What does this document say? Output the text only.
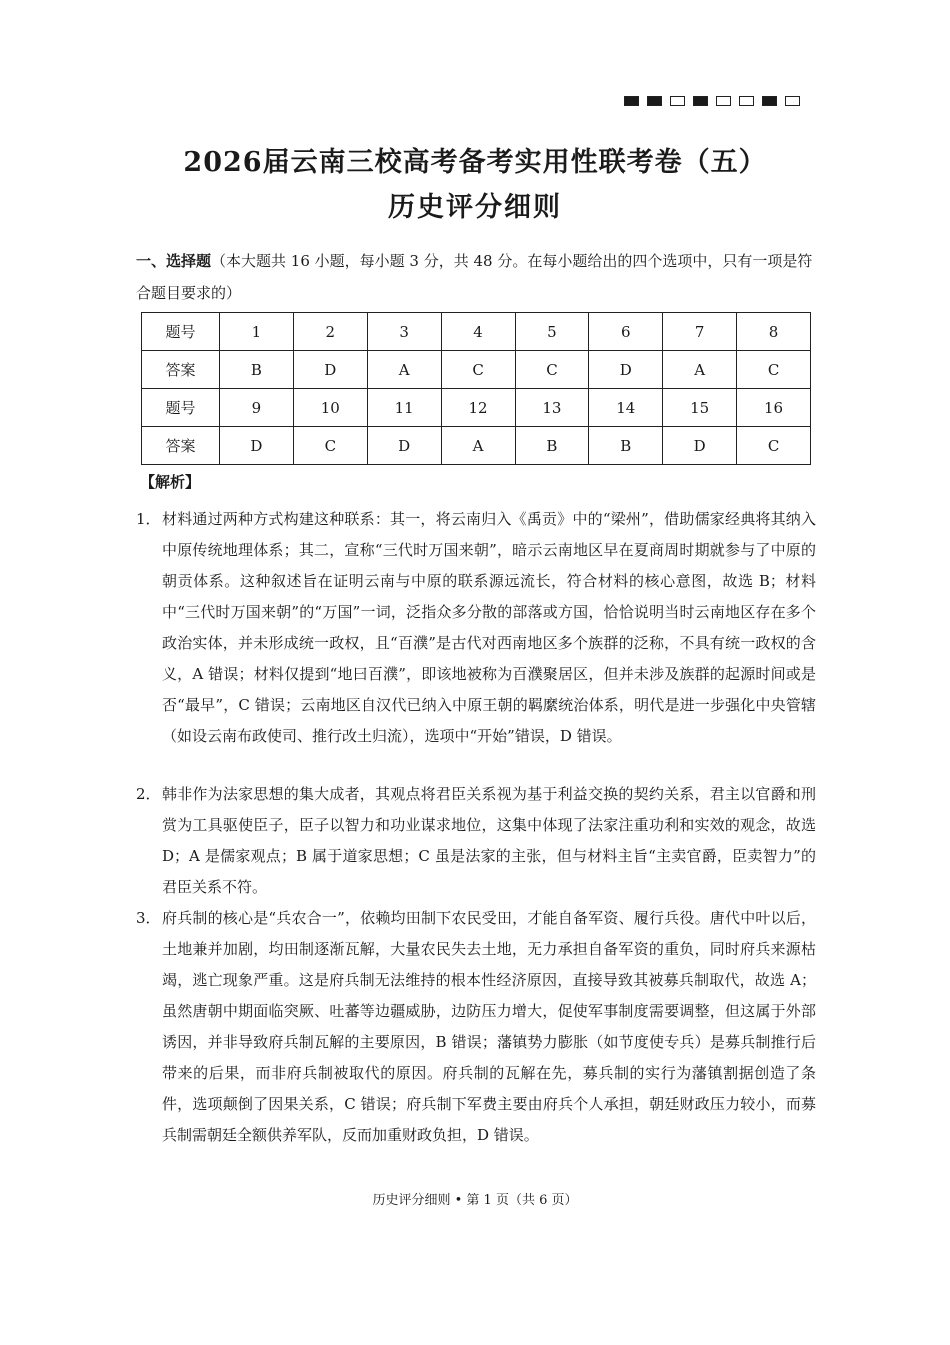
2026届云南三校高考备考实用性联考卷（五）
历史评分细则
一、选择题（本大题共 16 小题，每小题 3 分，共 48 分。在每小题给出的四个选项中，只有一项是符合题目要求的）
题号	1	2	3	4	5	6	7	8
答案	B	D	A	C	C	D	A	C
题号	9	10	11	12	13	14	15	16
答案	D	C	D	A	B	B	D	C
【解析】
1． 材料通过两种方式构建这种联系：其一，将云南归入《禹贡》中的“梁州”，借助儒家经典将其纳入中原传统地理体系；其二，宣称“三代时万国来朝”，暗示云南地区早在夏商周时期就参与了中原的朝贡体系。这种叙述旨在证明云南与中原的联系源远流长，符合材料的核心意图，故选 B；材料中“三代时万国来朝”的“万国”一词，泛指众多分散的部落或方国，恰恰说明当时云南地区存在多个政治实体，并未形成统一政权，且“百濮”是古代对西南地区多个族群的泛称，不具有统一政权的含义，A 错误；材料仅提到“地曰百濮”，即该地被称为百濮聚居区，但并未涉及族群的起源时间或是否“最早”，C 错误；云南地区自汉代已纳入中原王朝的羁縻统治体系，明代是进一步强化中央管辖（如设云南布政使司、推行改土归流），选项中“开始”错误，D 错误。
2． 韩非作为法家思想的集大成者，其观点将君臣关系视为基于利益交换的契约关系，君主以官爵和刑赏为工具驱使臣子，臣子以智力和功业谋求地位，这集中体现了法家注重功利和实效的观念，故选 D；A 是儒家观点；B 属于道家思想；C 虽是法家的主张，但与材料主旨“主卖官爵，臣卖智力”的君臣关系不符。
3． 府兵制的核心是“兵农合一”，依赖均田制下农民受田，才能自备军资、履行兵役。唐代中叶以后，土地兼并加剧，均田制逐渐瓦解，大量农民失去土地，无力承担自备军资的重负，同时府兵来源枯竭，逃亡现象严重。这是府兵制无法维持的根本性经济原因，直接导致其被募兵制取代，故选 A；虽然唐朝中期面临突厥、吐蕃等边疆威胁，边防压力增大，促使军事制度需要调整，但这属于外部诱因，并非导致府兵制瓦解的主要原因，B 错误；藩镇势力膨胀（如节度使专兵）是募兵制推行后带来的后果，而非府兵制被取代的原因。府兵制的瓦解在先，募兵制的实行为藩镇割据创造了条件，选项颠倒了因果关系，C 错误；府兵制下军费主要由府兵个人承担，朝廷财政压力较小，而募兵制需朝廷全额供养军队，反而加重财政负担，D 错误。
历史评分细则 • 第 1 页（共 6 页）
